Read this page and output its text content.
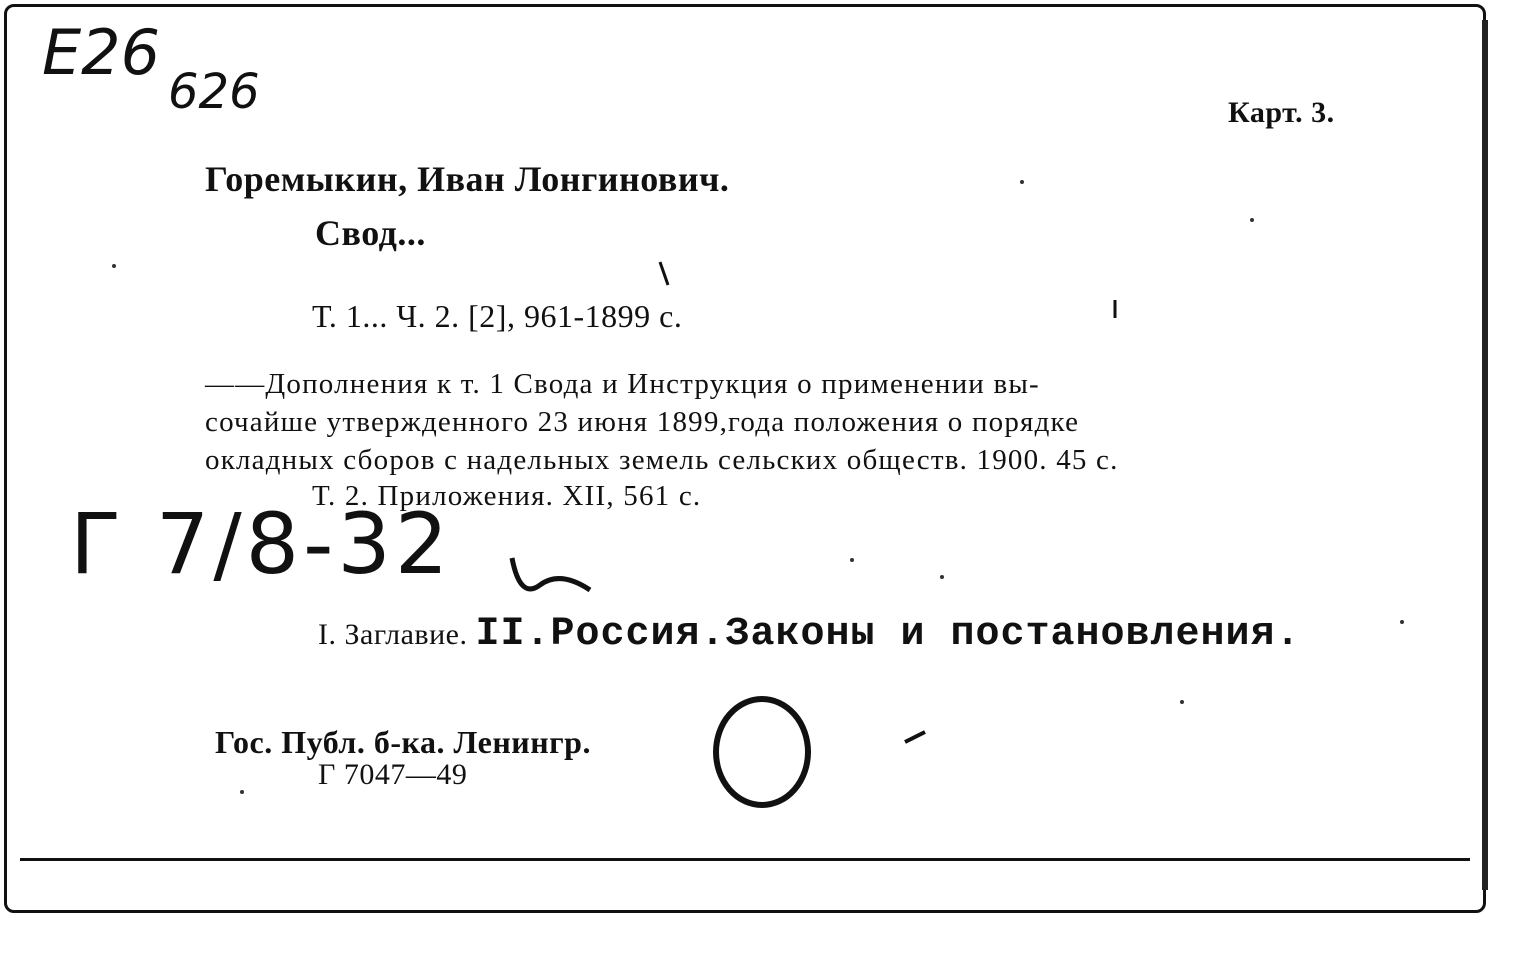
E26
626	Карт. 3.
Горемыкин, Иван Лонгинович.
Свод...
Т. 1... Ч. 2. [2], 961-1899 с.
——Дополнения к т. 1 Свода и Инструкция о применении вы-
сочайше утвержденного 23 июня 1899,года положения о порядке
окладных сборов с надельных земель сельских обществ. 1900. 45 с.
Т. 2. Приложения. XII, 561 с.
Г 7/8-32
I. Заглавие. II.Россия.Законы и постановления.
Гос. Публ. б-ка. Ленингр.
Г 7047—49
